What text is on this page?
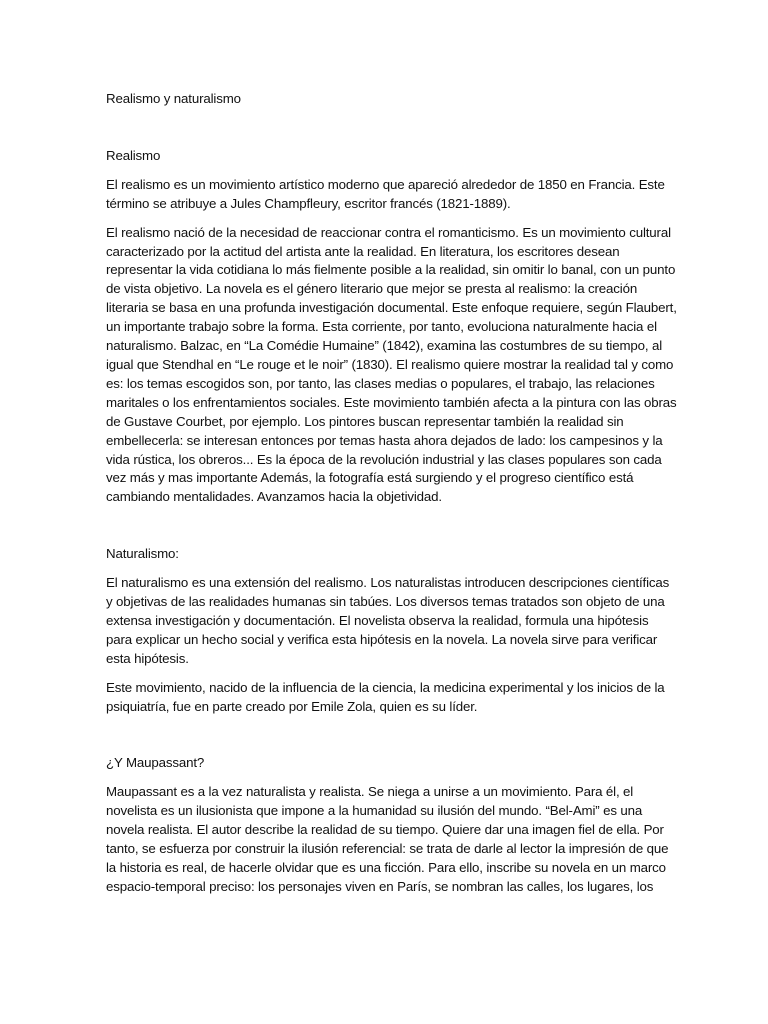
Realismo y naturalismo
Realismo

El realismo es un movimiento artístico moderno que apareció alrededor de 1850 en Francia. Este término se atribuye a Jules Champfleury, escritor francés (1821-1889).

El realismo nació de la necesidad de reaccionar contra el romanticismo. Es un movimiento cultural caracterizado por la actitud del artista ante la realidad. En literatura, los escritores desean representar la vida cotidiana lo más fielmente posible a la realidad, sin omitir lo banal, con un punto de vista objetivo. La novela es el género literario que mejor se presta al realismo: la creación literaria se basa en una profunda investigación documental. Este enfoque requiere, según Flaubert, un importante trabajo sobre la forma. Esta corriente, por tanto, evoluciona naturalmente hacia el naturalismo. Balzac, en “La Comédie Humaine” (1842), examina las costumbres de su tiempo, al igual que Stendhal en “Le rouge et le noir” (1830). El realismo quiere mostrar la realidad tal y como es: los temas escogidos son, por tanto, las clases medias o populares, el trabajo, las relaciones maritales o los enfrentamientos sociales. Este movimiento también afecta a la pintura con las obras de Gustave Courbet, por ejemplo. Los pintores buscan representar también la realidad sin embellecerla: se interesan entonces por temas hasta ahora dejados de lado: los campesinos y la vida rústica, los obreros... Es la época de la revolución industrial y las clases populares son cada vez más y mas importante Además, la fotografía está surgiendo y el progreso científico está cambiando mentalidades. Avanzamos hacia la objetividad.

Naturalismo:

El naturalismo es una extensión del realismo. Los naturalistas introducen descripciones científicas y objetivas de las realidades humanas sin tabúes. Los diversos temas tratados son objeto de una extensa investigación y documentación. El novelista observa la realidad, formula una hipótesis para explicar un hecho social y verifica esta hipótesis en la novela. La novela sirve para verificar esta hipótesis.

Este movimiento, nacido de la influencia de la ciencia, la medicina experimental y los inicios de la psiquiatría, fue en parte creado por Emile Zola, quien es su líder.

¿Y Maupassant?

Maupassant es a la vez naturalista y realista. Se niega a unirse a un movimiento. Para él, el novelista es un ilusionista que impone a la humanidad su ilusión del mundo. “Bel-Ami” es una novela realista. El autor describe la realidad de su tiempo. Quiere dar una imagen fiel de ella. Por tanto, se esfuerza por construir la ilusión referencial: se trata de darle al lector la impresión de que la historia es real, de hacerle olvidar que es una ficción. Para ello, inscribe su novela en un marco espacio-temporal preciso: los personajes viven en París, se nombran las calles, los lugares, los
